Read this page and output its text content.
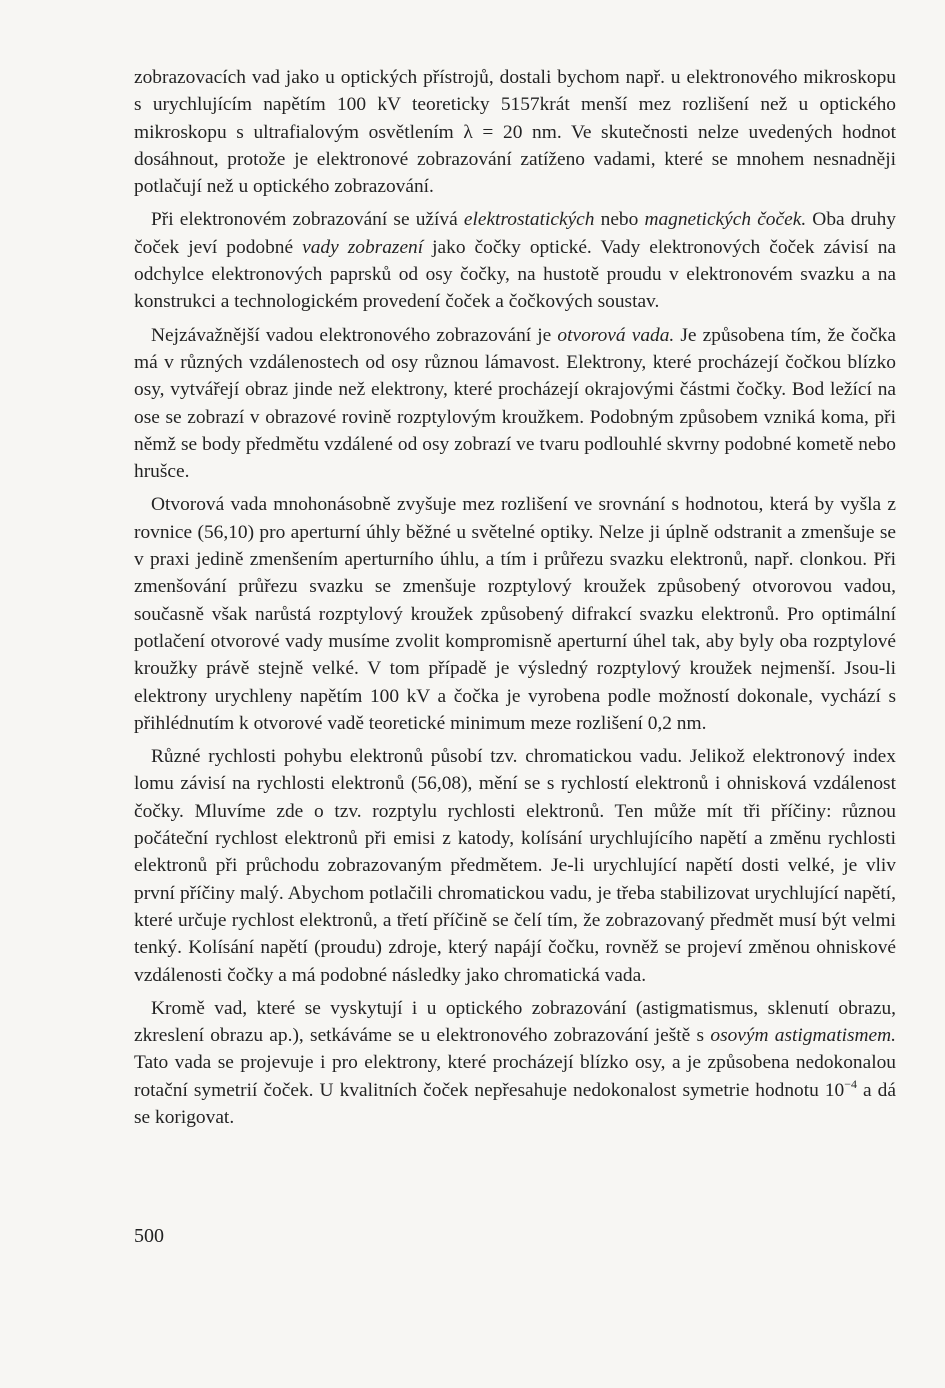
zobrazovacích vad jako u optických přístrojů, dostali bychom např. u elektronového mikroskopu s urychlujícím napětím 100 kV teoreticky 5157krát menší mez rozlišení než u optického mikroskopu s ultrafialovým osvětlením λ = 20 nm. Ve skutečnosti nelze uvedených hodnot dosáhnout, protože je elektronové zobrazování zatíženo vadami, které se mnohem nesnadněji potlačují než u optického zobrazování.

Při elektronovém zobrazování se užívá elektrostatických nebo magnetických čoček. Oba druhy čoček jeví podobné vady zobrazení jako čočky optické. Vady elektronových čoček závisí na odchylce elektronových paprsků od osy čočky, na hustotě proudu v elektronovém svazku a na konstrukci a technologickém provedení čoček a čočkových soustav.

Nejzávažnější vadou elektronového zobrazování je otvorová vada. Je způsobena tím, že čočka má v různých vzdálenostech od osy různou lámavost. Elektrony, které procházejí čočkou blízko osy, vytvářejí obraz jinde než elektrony, které procházejí okrajovými částmi čočky. Bod ležící na ose se zobrazí v obrazové rovině rozptylovým kroužkem. Podobným způsobem vzniká koma, při němž se body předmětu vzdálené od osy zobrazí ve tvaru podlouhlé skvrny podobné kometě nebo hrušce.

Otvorová vada mnohonásobně zvyšuje mez rozlišení ve srovnání s hodnotou, která by vyšla z rovnice (56,10) pro aperturní úhly běžné u světelné optiky. Nelze ji úplně odstranit a zmenšuje se v praxi jedině zmenšením aperturního úhlu, a tím i průřezu svazku elektronů, např. clonkou. Při zmenšování průřezu svazku se zmenšuje rozptylový kroužek způsobený otvorovou vadou, současně však narůstá rozptylový kroužek způsobený difrakcí svazku elektronů. Pro optimální potlačení otvorové vady musíme zvolit kompromisně aperturní úhel tak, aby byly oba rozptylové kroužky právě stejně velké. V tom případě je výsledný rozptylový kroužek nejmenší. Jsou-li elektrony urychleny napětím 100 kV a čočka je vyrobena podle možností dokonale, vychází s přihlédnutím k otvorové vadě teoretické minimum meze rozlišení 0,2 nm.

Různé rychlosti pohybu elektronů působí tzv. chromatickou vadu. Jelikož elektronový index lomu závisí na rychlosti elektronů (56,08), mění se s rychlostí elektronů i ohnisková vzdálenost čočky. Mluvíme zde o tzv. rozptylu rychlosti elektronů. Ten může mít tři příčiny: různou počáteční rychlost elektronů při emisi z katody, kolísání urychlujícího napětí a změnu rychlosti elektronů při průchodu zobrazovaným předmětem. Je-li urychlující napětí dosti velké, je vliv první příčiny malý. Abychom potlačili chromatickou vadu, je třeba stabilizovat urychlující napětí, které určuje rychlost elektronů, a třetí příčině se čelí tím, že zobrazovaný předmět musí být velmi tenký. Kolísání napětí (proudu) zdroje, který napájí čočku, rovněž se projeví změnou ohniskové vzdálenosti čočky a má podobné následky jako chromatická vada.

Kromě vad, které se vyskytují i u optického zobrazování (astigmatismus, sklenutí obrazu, zkreslení obrazu ap.), setkáváme se u elektronového zobrazování ještě s osovým astigmatismem. Tato vada se projevuje i pro elektrony, které procházejí blízko osy, a je způsobena nedokonalou rotační symetrií čoček. U kvalitních čoček nepřesahuje nedokonalost symetrie hodnotu $10^{-4}$ a dá se korigovat.

500
